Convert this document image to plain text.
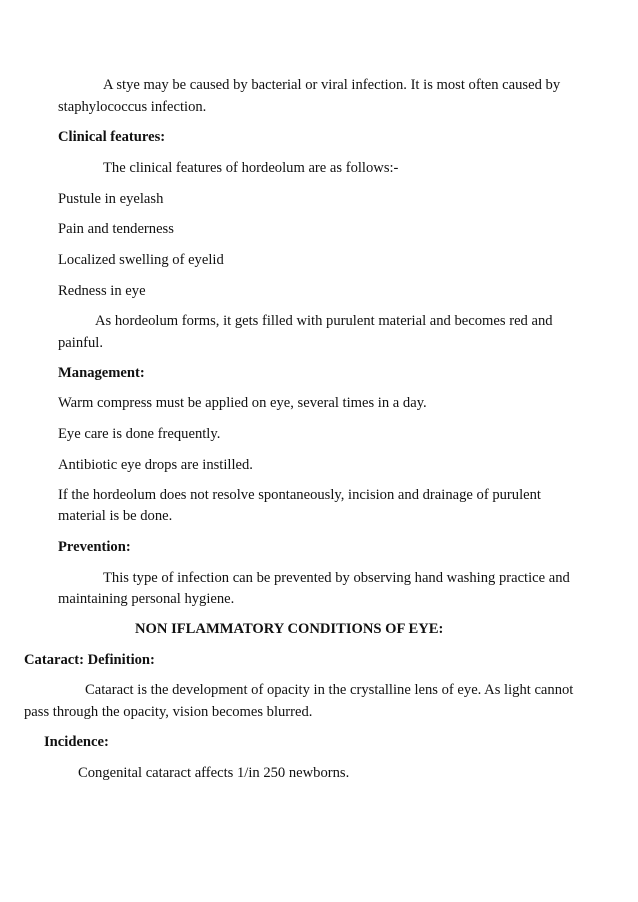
A stye may be caused by bacterial or viral infection. It is most often caused by
staphylococcus infection.
Clinical features:
The clinical features of hordeolum are as follows:-
Pustule in eyelash
Pain and tenderness
Localized swelling of eyelid
Redness in eye
As hordeolum forms, it gets filled with purulent material and becomes red and
painful.
Management:
Warm compress must be applied on eye, several times in a day.
Eye care is done frequently.
Antibiotic eye drops are instilled.
If the hordeolum does not resolve spontaneously, incision and drainage of purulent
material is be done.
Prevention:
This type of infection can be prevented by observing hand washing practice and
maintaining personal hygiene.
NON IFLAMMATORY CONDITIONS OF EYE:
Cataract: Definition:
Cataract is the development of opacity in the crystalline lens of eye. As light cannot
pass through the opacity, vision becomes blurred.
Incidence:
Congenital cataract affects 1/in 250 newborns.
